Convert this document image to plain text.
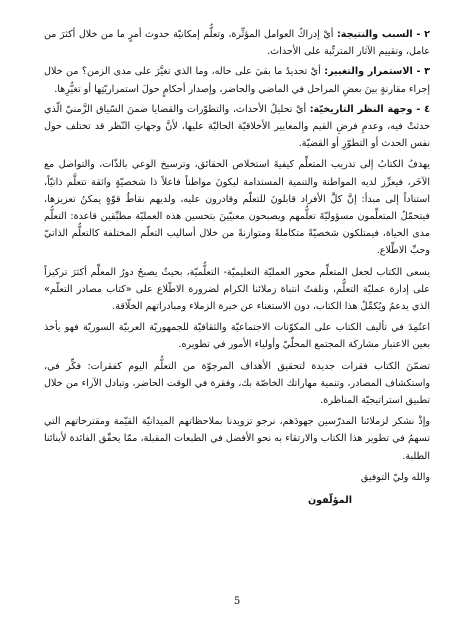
٢ - السبب والنتيجة: أيْ إدراكُ العوامل المؤثِّرة، وتعلُّم إمكانيّة حدوث أمرٍ ما من خلال أكثرَ من عامل، وتقييم الآثار المترتِّبة على الأحداث.

٣ - الاستمرار والتغيير: أيْ تحديدُ ما بقيَ على حاله، وما الذي تغيَّرَ على مدى الزمن؟ من خلال إجراء مقارنةٍ بينَ بعضِ المراحل في الماضي والحاضر، وإصدار أحكامٍ حولَ استمراريّتِها أو تغيُّرِها.

٤ - وجهة النظر التاريخيّة: أيْ تحليلُ الأحداث، والتطوّرات والقضايا ضمنَ السّياق الزَّمنيّ الّذي حدثتْ فيه، وعدمِ فرضِ القيم والمعايير الأخلاقيّة الحاليّة عليها، لأنَّ وجهاتِ النّظر قد تختلف حول نفس الحدث أو التطوّرِ أو القضيّة.

يهدفُ الكتابُ إلى تدريب المتعلِّم كيفيةَ استخلاص الحقائق، وترسيخ الوعي بالذّات، والتواصل مع الآخَر، فيعزِّز لديه المواطنة والتنمية المستدامة ليكونَ مواطناً فاعلاً ذا شخصيّةٍ واثقة تتعلَّم ذاتيّاً، استناداً إلى مبدأ: إنَّ كلَّ الأفراد قابلونَ للتعلّم وقادرون عليه، ولديهم نقاطُ قوّةٍ يمكنُ تعزيزها، فيتحمّلُ المتعلِّمون مسؤوليّةَ تعلُّمهم ويصبحون معنيّينَ بتحسين هذه العمليّة مطبِّقين قاعدة: التعلُّم مدى الحياة، فيمتلكون شخصيّةً متكاملةً ومتوازنةً من خلال أساليب التعلّم المختلفة كالتعلُّم الذاتيّ وحبِّ الاطِّلاع.

يسعى الكتاب لجعل المتعلِّم محور العمليّة التعليميّة- التعلُّميّة، بحيثُ يصبحُ دورُ المعلِّم أكثرَ تركيزاً على إدارة عمليّة التعلُّم، ونلفتُ انتباهَ زملائنا الكرام لضرورة الاطّلاع على «كتاب مصادر التعلّم» الذي يدعمُ ويُكمِّلُ هذا الكتاب، دون الاستغناء عن خبرة الزملاء ومبادراتهم الخلّاقة.

اعتُمِدَ في تأليف الكتاب على المكوّنات الاجتماعيّة والثقافيّة للجمهوريّة العربيّة السوريّة فهو يأخذ بعين الاعتبار مشاركة المجتمع المحلّيّ وأولياء الأمور في تطويره.

تضمّنَ الكتاب فقرات جديدة لتحقيق الأهداف المرجوّة من التعلُّم اليوم كفقرات: فكِّر في، واستكشاف المصادر، وتنمية مهاراتك الخاصّة بك، وفقرة في الوقت الحاضر، وتبادل الآراء من خلال تطبيق استراتيجيّة المناظرة.

وإذْ نشكر لزملائنا المدرّسين جهودَهم، نرجو تزويدنا بملاحظاتهم الميدانيّة القيّمة ومقترحاتهم التي تسهمُ في تطوير هذا الكتاب والارتقاء به نحو الأفضل في الطبعات المقبلة، ممّا يحقّق الفائدة لأبنائنا الطلبة.

والله وليّ التوفيق

المؤلّفون

5
